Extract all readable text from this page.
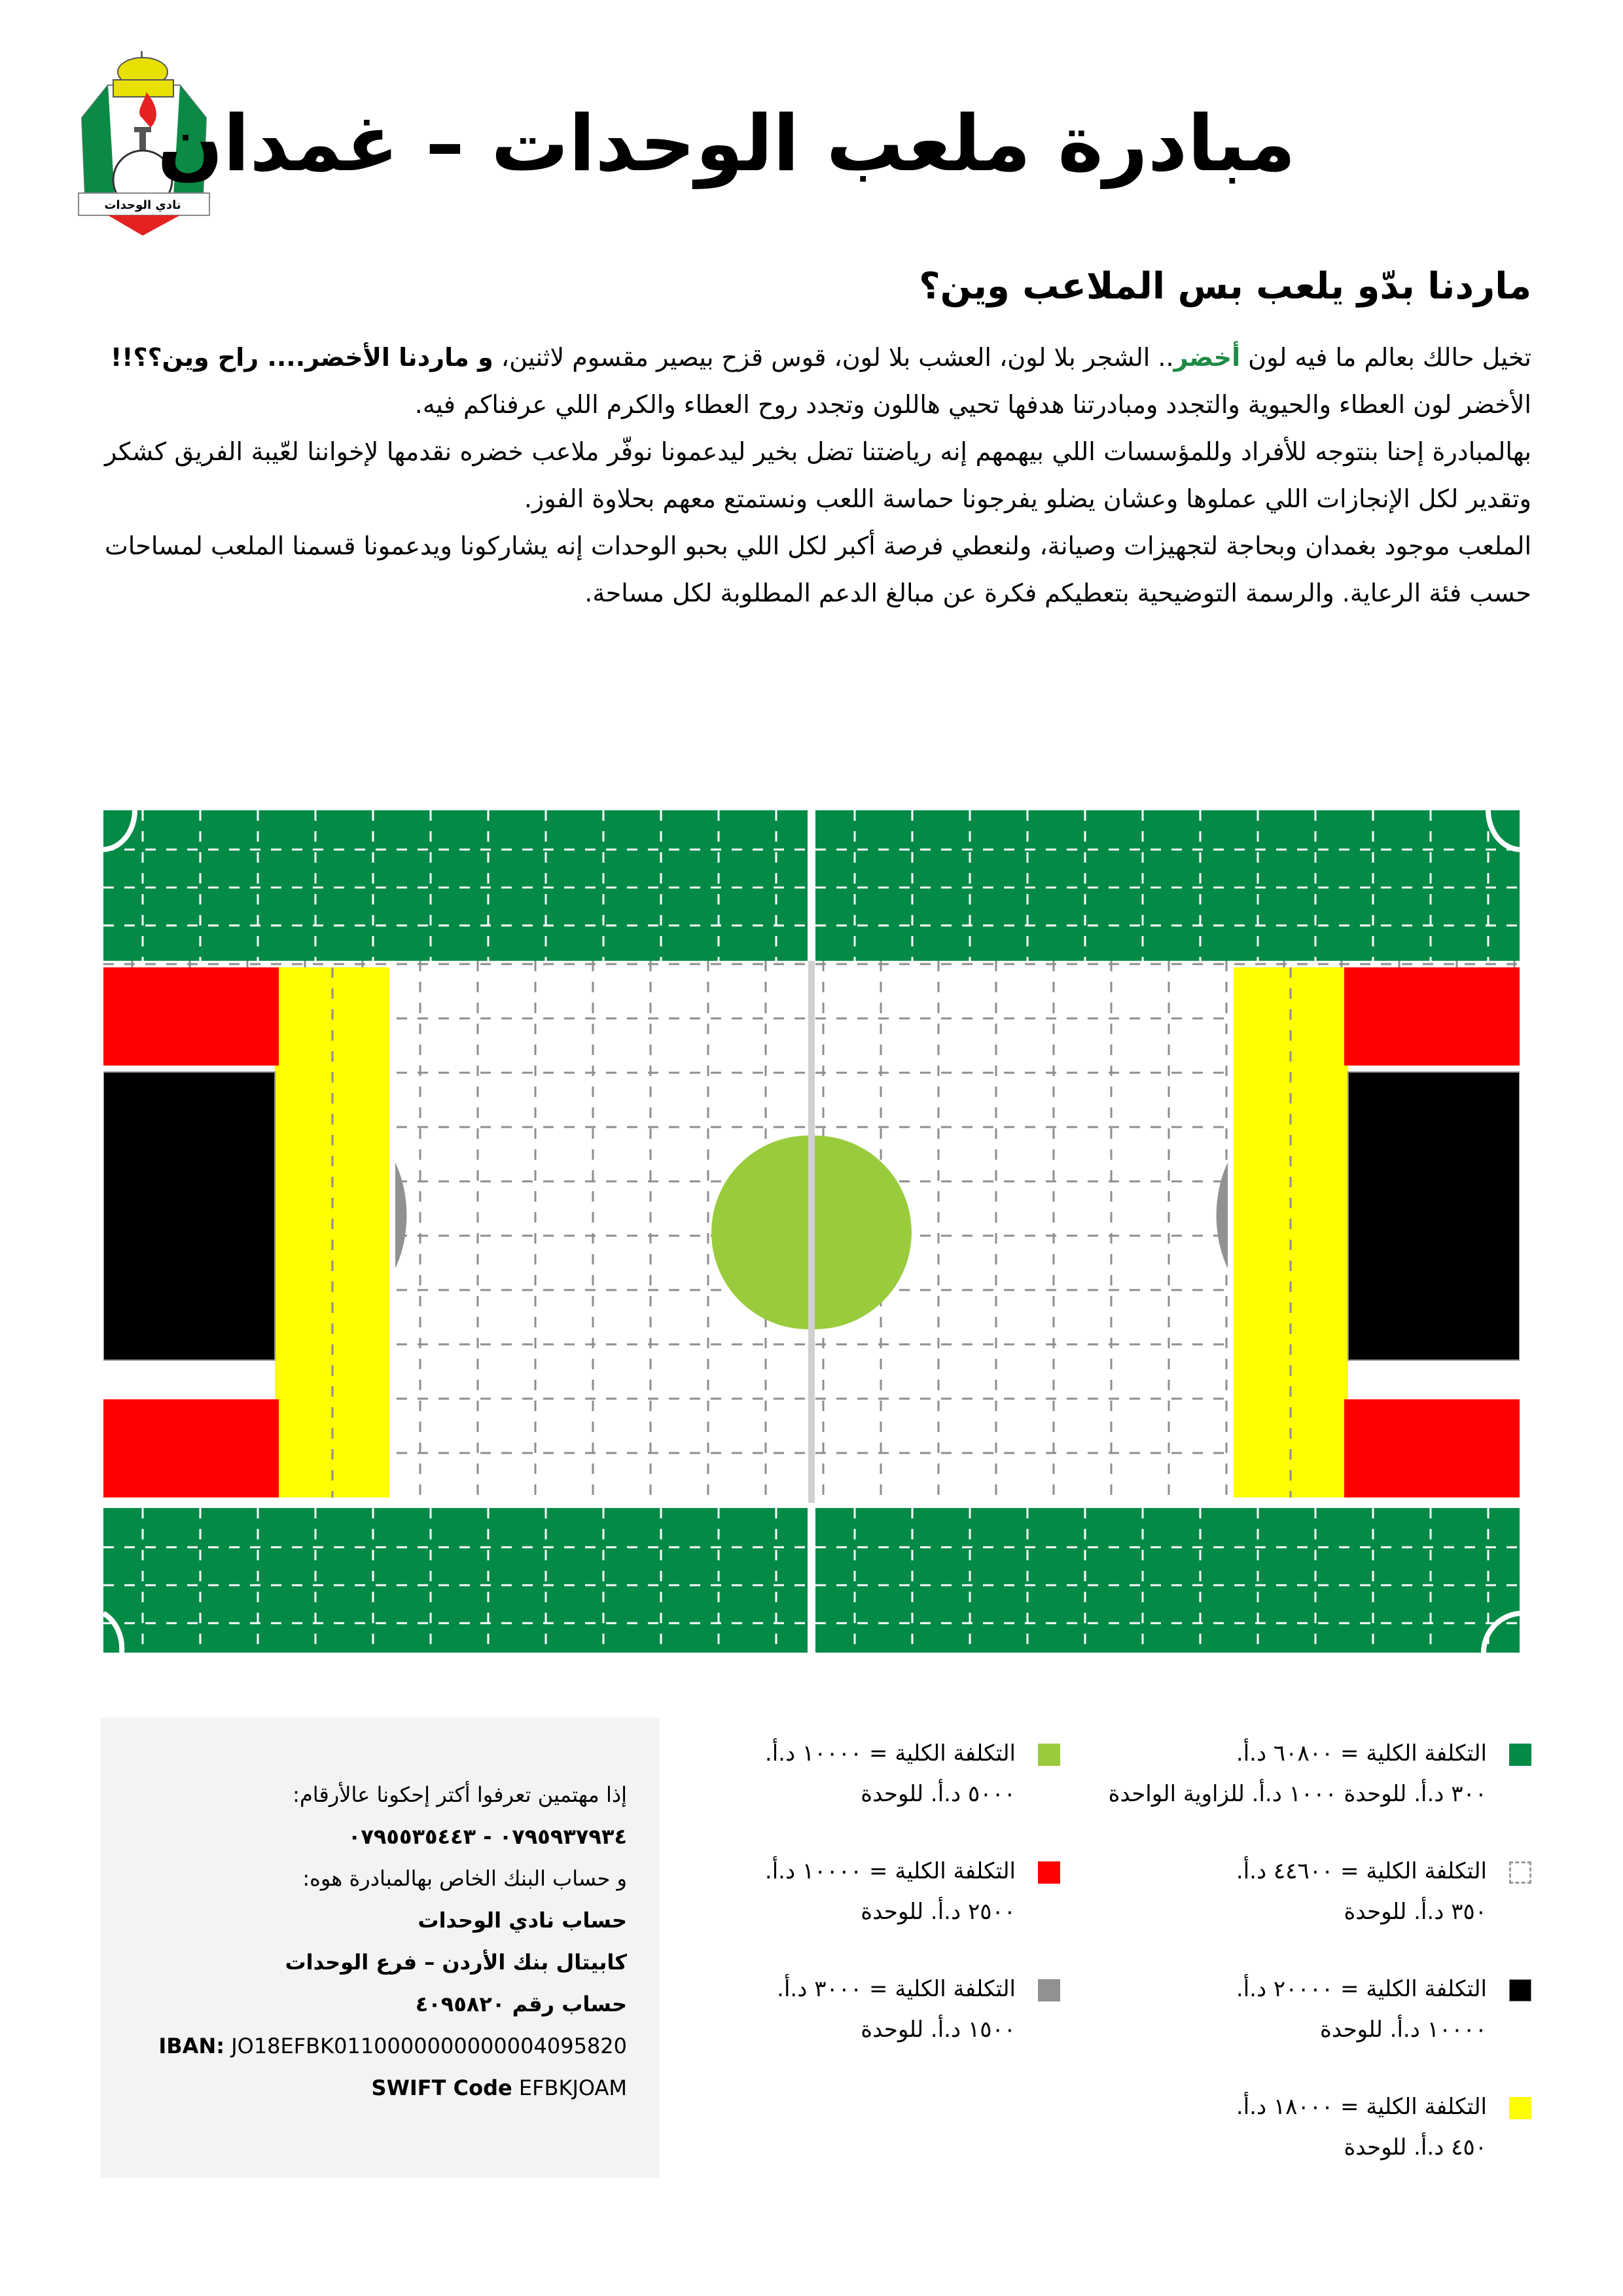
نادي الوحدات
مبادرة ملعب الوحدات – غمدان
ماردنا بدّو يلعب بس الملاعب وين؟

تخيل حالك بعالم ما فيه لون أخضر.. الشجر بلا لون، العشب بلا لون، قوس قزح بيصير مقسوم لاثنين، و ماردنا الأخضر.... راح وين؟؟!!

الأخضر لون العطاء والحيوية والتجدد ومبادرتنا هدفها تحيي هاللون وتجدد روح العطاء والكرم اللي عرفناكم فيه.

بهالمبادرة إحنا بنتوجه للأفراد وللمؤسسات اللي بيهمهم إنه رياضتنا تضل بخير ليدعمونا نوفّر ملاعب خضره نقدمها لإخواننا لعّيبة الفريق كشكر وتقدير لكل الإنجازات اللي عملوها وعشان يضلو يفرجونا حماسة اللعب ونستمتع معهم بحلاوة الفوز.

الملعب موجود بغمدان وبحاجة لتجهيزات وصيانة، ولنعطي فرصة أكبر لكل اللي بحبو الوحدات إنه يشاركونا ويدعمونا قسمنا الملعب لمساحات حسب فئة الرعاية. والرسمة التوضيحية بتعطيكم فكرة عن مبالغ الدعم المطلوبة لكل مساحة.

التكلفة الكلية = ٦٠٨٠٠ د.أ.
٣٠٠ د.أ. للوحدة ١٠٠٠ د.أ. للزاوية الواحدة
التكلفة الكلية = ٤٤٦٠٠ د.أ.
٣٥٠ د.أ. للوحدة
التكلفة الكلية = ٢٠٠٠٠ د.أ.
١٠٠٠٠ د.أ. للوحدة
التكلفة الكلية = ١٨٠٠٠ د.أ.
٤٥٠ د.أ. للوحدة
التكلفة الكلية = ١٠٠٠٠ د.أ.
٥٠٠٠ د.أ. للوحدة
التكلفة الكلية = ١٠٠٠٠ د.أ.
٢٥٠٠ د.أ. للوحدة
التكلفة الكلية = ٣٠٠٠ د.أ.
١٥٠٠ د.أ. للوحدة
إذا مهتمين تعرفوا أكتر إحكونا عالأرقام:
٠٧٩٥٩٣٧٩٣٤ - ٠٧٩٥٥٣٥٤٤٣
و حساب البنك الخاص بهالمبادرة هوه:
حساب نادي الوحدات
كابيتال بنك الأردن – فرع الوحدات
حساب رقم ٤٠٩٥٨٢٠
IBAN: JO18EFBK0110000000000004095820
SWIFT Code EFBKJOAM
